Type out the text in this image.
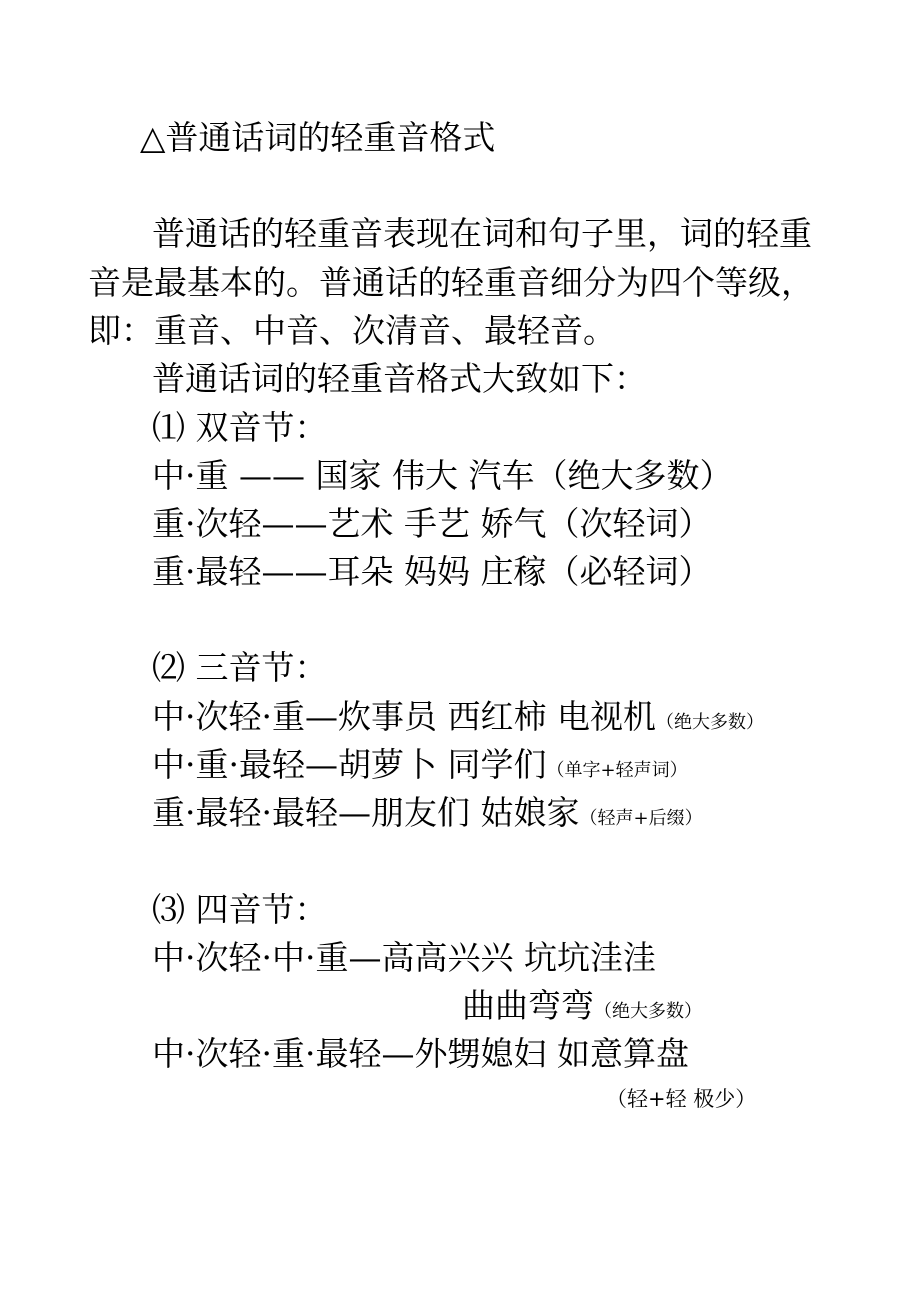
△普通话词的轻重音格式
普通话的轻重音表现在词和句子里，词的轻重
音是最基本的。普通话的轻重音细分为四个等级，
即：重音、中音、次清音、最轻音。
普通话词的轻重音格式大致如下：
⑴ 双音节：
中·重 —— 国家 伟大 汽车（绝大多数）
重·次轻——艺术 手艺 娇气（次轻词）
重·最轻——耳朵 妈妈 庄稼（必轻词）
⑵ 三音节：
中·次轻·重—炊事员 西红柿 电视机（绝大多数）
中·重·最轻—胡萝卜 同学们（单字+轻声词）
重·最轻·最轻—朋友们 姑娘家（轻声+后缀）
⑶ 四音节：
中·次轻·中·重—高高兴兴 坑坑洼洼
曲曲弯弯（绝大多数）
中·次轻·重·最轻—外甥媳妇 如意算盘
（轻+轻 极少）
